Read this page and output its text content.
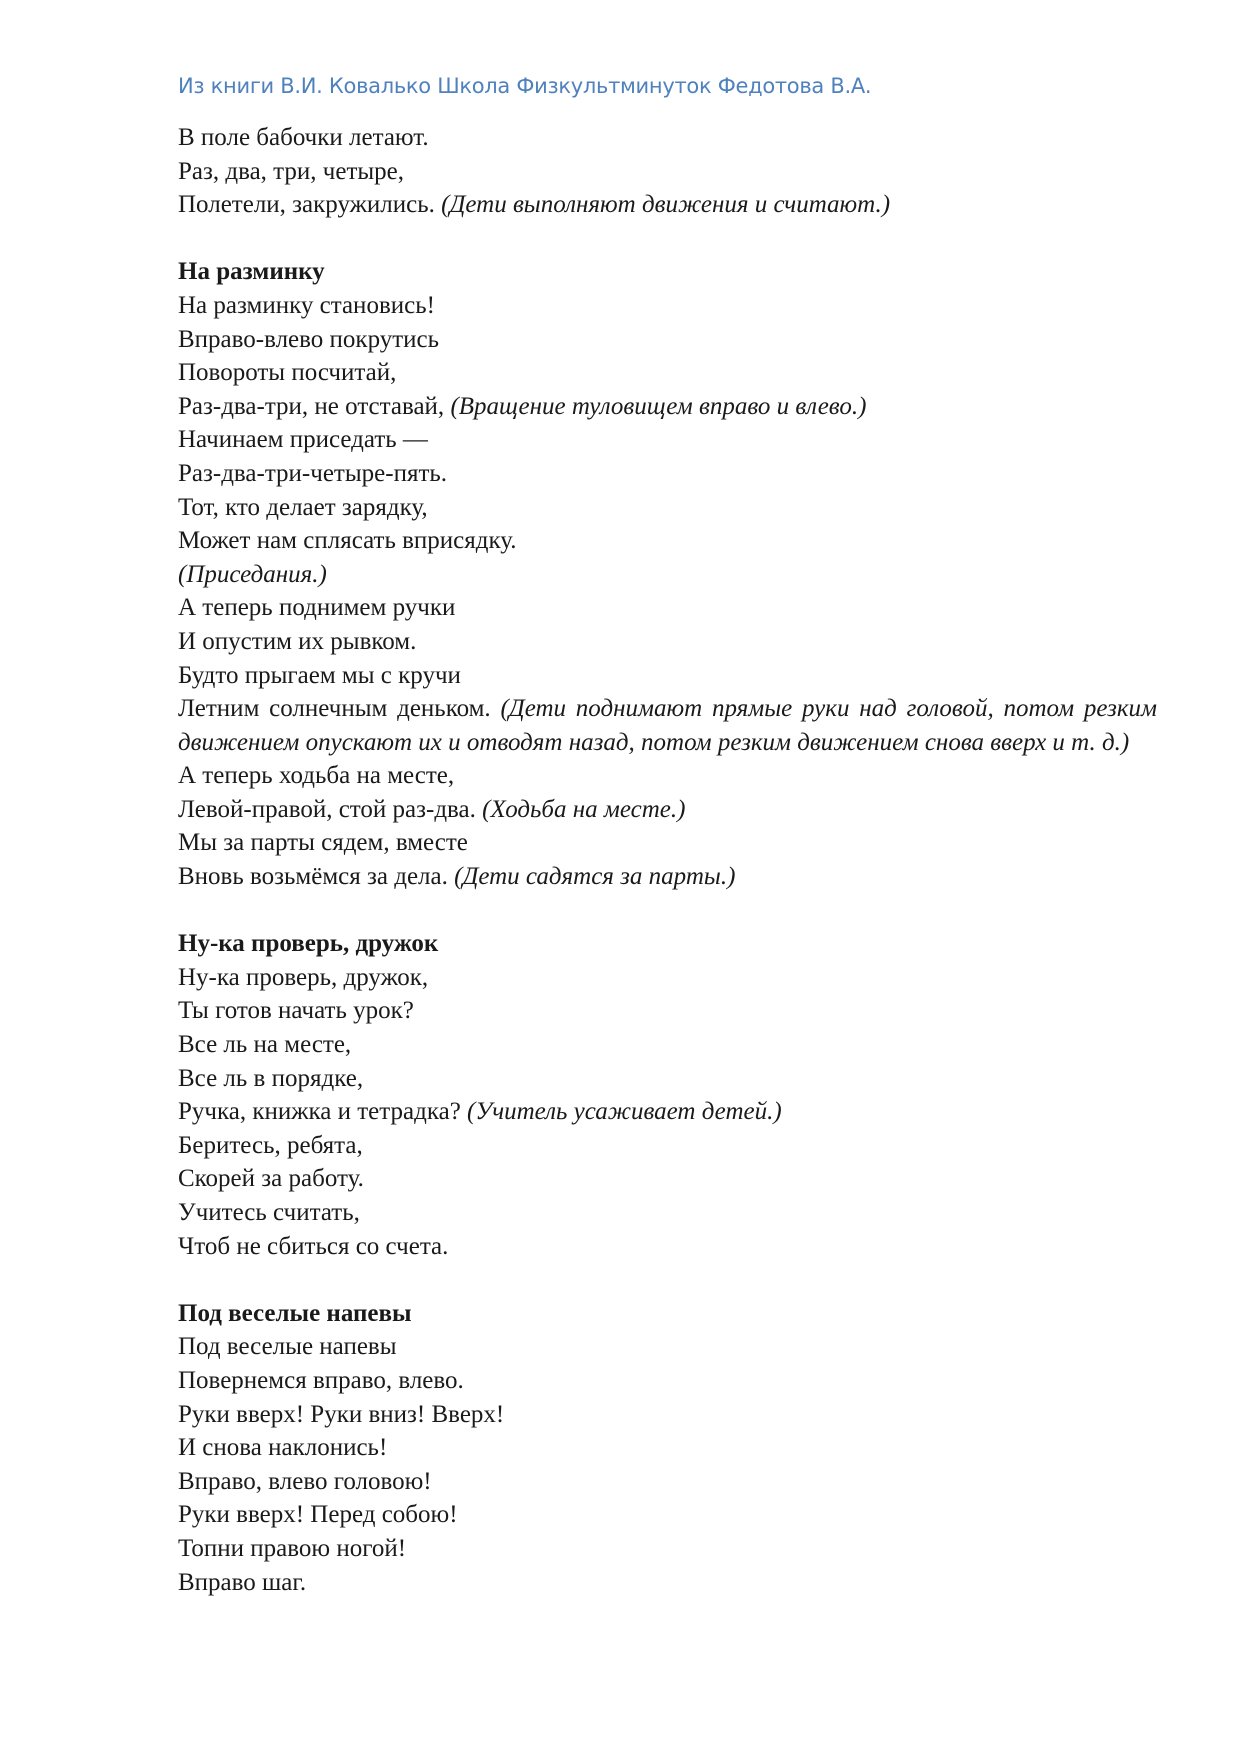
Из книги В.И. Ковалько Школа Физкультминуток Федотова В.А.
В поле бабочки летают.
Раз, два, три, четыре,
Полетели, закружились. (Дети выполняют движения и считают.)
На разминку
На разминку становись!
Вправо-влево покрутись
Повороты посчитай,
Раз-два-три, не отставай, (Вращение туловищем вправо и влево.)
Начинаем приседать —
Раз-два-три-четыре-пять.
Тот, кто делает зарядку,
Может нам сплясать вприсядку.
(Приседания.)
А теперь поднимем ручки
И опустим их рывком.
Будто прыгаем мы с кручи
Летним солнечным деньком. (Дети поднимают прямые руки над головой, потом резким движением опускают их и отводят назад, потом резким движением снова вверх и т. д.)
А теперь ходьба на месте,
Левой-правой, стой раз-два. (Ходьба на месте.)
Мы за парты сядем, вместе
Вновь возьмёмся за дела. (Дети садятся за парты.)
Ну-ка проверь, дружок
Ну-ка проверь, дружок,
Ты готов начать урок?
Все ль на месте,
Все ль в порядке,
Ручка, книжка и тетрадка? (Учитель усаживает детей.)
Беритесь, ребята,
Скорей за работу.
Учитесь считать,
Чтоб не сбиться со счета.
Под веселые напевы
Под веселые напевы
Повернемся вправо, влево.
Руки вверх! Руки вниз! Вверх!
И снова наклонись!
Вправо, влево головою!
Руки вверх! Перед собою!
Топни правою ногой!
Вправо шаг.
